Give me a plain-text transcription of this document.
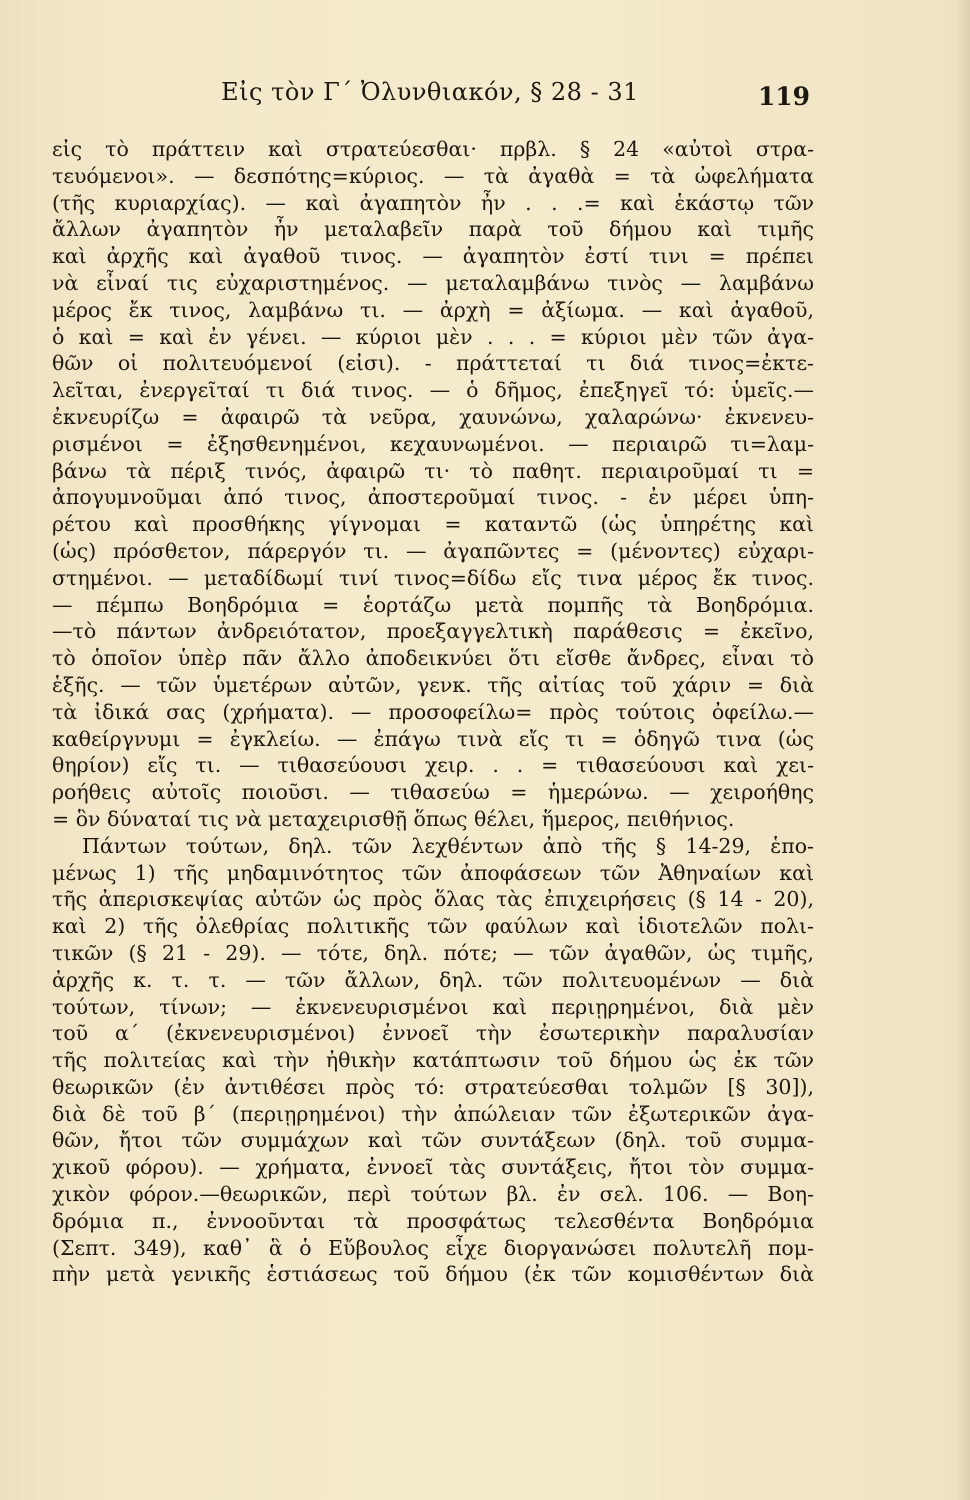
Εἰς τὸν Γ΄ Ὀλυνθιακόν, § 28 - 31	119
εἰς τὸ πράττειν καὶ στρατεύεσθαι· πρβλ. § 24 «αὐτοὶ στρα-
τευόμενοι». — δεσπότης=κύριος. — τὰ ἀγαθὰ = τὰ ὠφελήματα
(τῆς κυριαρχίας). — καὶ ἀγαπητὸν ἦν . . .= καὶ ἑκάστῳ τῶν
ἄλλων ἀγαπητὸν ἦν μεταλαβεῖν παρὰ τοῦ δήμου καὶ τιμῆς
καὶ ἀρχῆς καὶ ἀγαθοῦ τινος. — ἀγαπητὸν ἐστί τινι = πρέπει
νὰ εἶναί τις εὐχαριστημένος. — μεταλαμβάνω τινὸς — λαμβάνω
μέρος ἔκ τινος, λαμβάνω τι. — ἀρχὴ = ἀξίωμα. — καὶ ἀγαθοῦ,
ὁ καὶ = καὶ ἐν γένει. — κύριοι μὲν . . . = κύριοι μὲν τῶν ἀγα-
θῶν οἱ πολιτευόμενοί (εἰσι). - πράττεταί τι διά τινος=ἐκτε-
λεῖται, ἐνεργεῖταί τι διά τινος. — ὁ δῆμος, ἐπεξηγεῖ τό: ὑμεῖς.—
ἐκνευρίζω = ἀφαιρῶ τὰ νεῦρα, χαυνώνω, χαλαρώνω· ἐκνενευ-
ρισμένοι = ἐξησθενημένοι, κεχαυνωμένοι. — περιαιρῶ τι=λαμ-
βάνω τὰ πέριξ τινός, ἀφαιρῶ τι· τὸ παθητ. περιαιροῦμαί τι =
ἀπογυμνοῦμαι ἀπό τινος, ἀποστεροῦμαί τινος. - ἐν μέρει ὑπη-
ρέτου καὶ προσθήκης γίγνομαι = καταντῶ (ὡς ὑπηρέτης καὶ
(ὡς) πρόσθετον, πάρεργόν τι. — ἀγαπῶντες = (μένοντες) εὐχαρι-
στημένοι. — μεταδίδωμί τινί τινος=δίδω εἴς τινα μέρος ἔκ τινος.
— πέμπω Βοηδρόμια = ἑορτάζω μετὰ πομπῆς τὰ Βοηδρόμια.
—τὸ πάντων ἀνδρειότατον, προεξαγγελτικὴ παράθεσις = ἐκεῖνο,
τὸ ὁποῖον ὑπὲρ πᾶν ἄλλο ἀποδεικνύει ὅτι εἴσθε ἄνδρες, εἶναι τὸ
ἑξῆς. — τῶν ὑμετέρων αὐτῶν, γενκ. τῆς αἰτίας τοῦ χάριν = διὰ
τὰ ἰδικά σας (χρήματα). — προσοφείλω= πρὸς τούτοις ὀφείλω.—
καθείργνυμι = ἐγκλείω. — ἐπάγω τινὰ εἴς τι = ὁδηγῶ τινα (ὡς
θηρίον) εἴς τι. — τιθασεύουσι χειρ. . . = τιθασεύουσι καὶ χει-
ροήθεις αὐτοῖς ποιοῦσι. — τιθασεύω = ἡμερώνω. — χειροήθης
= ὃν δύναταί τις νὰ μεταχειρισθῇ ὅπως θέλει, ἥμερος, πειθήνιος.
Πάντων τούτων, δηλ. τῶν λεχθέντων ἀπὸ τῆς § 14-29, ἑπο-
μένως 1) τῆς μηδαμινότητος τῶν ἀποφάσεων τῶν Ἀθηναίων καὶ
τῆς ἀπερισκεψίας αὐτῶν ὡς πρὸς ὅλας τὰς ἐπιχειρήσεις (§ 14 - 20),
καὶ 2) τῆς ὀλεθρίας πολιτικῆς τῶν φαύλων καὶ ἰδιοτελῶν πολι-
τικῶν (§ 21 - 29). — τότε, δηλ. πότε; — τῶν ἀγαθῶν, ὡς τιμῆς,
ἀρχῆς κ. τ. τ. — τῶν ἄλλων, δηλ. τῶν πολιτευομένων — διὰ
τούτων, τίνων; — ἐκνενευρισμένοι καὶ περιῃρημένοι, διὰ μὲν
τοῦ α΄ (ἐκνενευρισμένοι) ἐννοεῖ τὴν ἐσωτερικὴν παραλυσίαν
τῆς πολιτείας καὶ τὴν ἠθικὴν κατάπτωσιν τοῦ δήμου ὡς ἐκ τῶν
θεωρικῶν (ἐν ἀντιθέσει πρὸς τό: στρατεύεσθαι τολμῶν [§ 30]),
διὰ δὲ τοῦ β΄ (περιῃρημένοι) τὴν ἀπώλειαν τῶν ἐξωτερικῶν ἀγα-
θῶν, ἤτοι τῶν συμμάχων καὶ τῶν συντάξεων (δηλ. τοῦ συμμα-
χικοῦ φόρου). — χρήματα, ἐννοεῖ τὰς συντάξεις, ἤτοι τὸν συμμα-
χικὸν φόρον.—θεωρικῶν, περὶ τούτων βλ. ἐν σελ. 106. — Βοη-
δρόμια π., ἐννοοῦνται τὰ προσφάτως τελεσθέντα Βοηδρόμια
(Σεπτ. 349), καθ᾽ ἃ ὁ Εὔβουλος εἶχε διοργανώσει πολυτελῆ πομ-
πὴν μετὰ γενικῆς ἑστιάσεως τοῦ δήμου (ἐκ τῶν κομισθέντων διὰ
